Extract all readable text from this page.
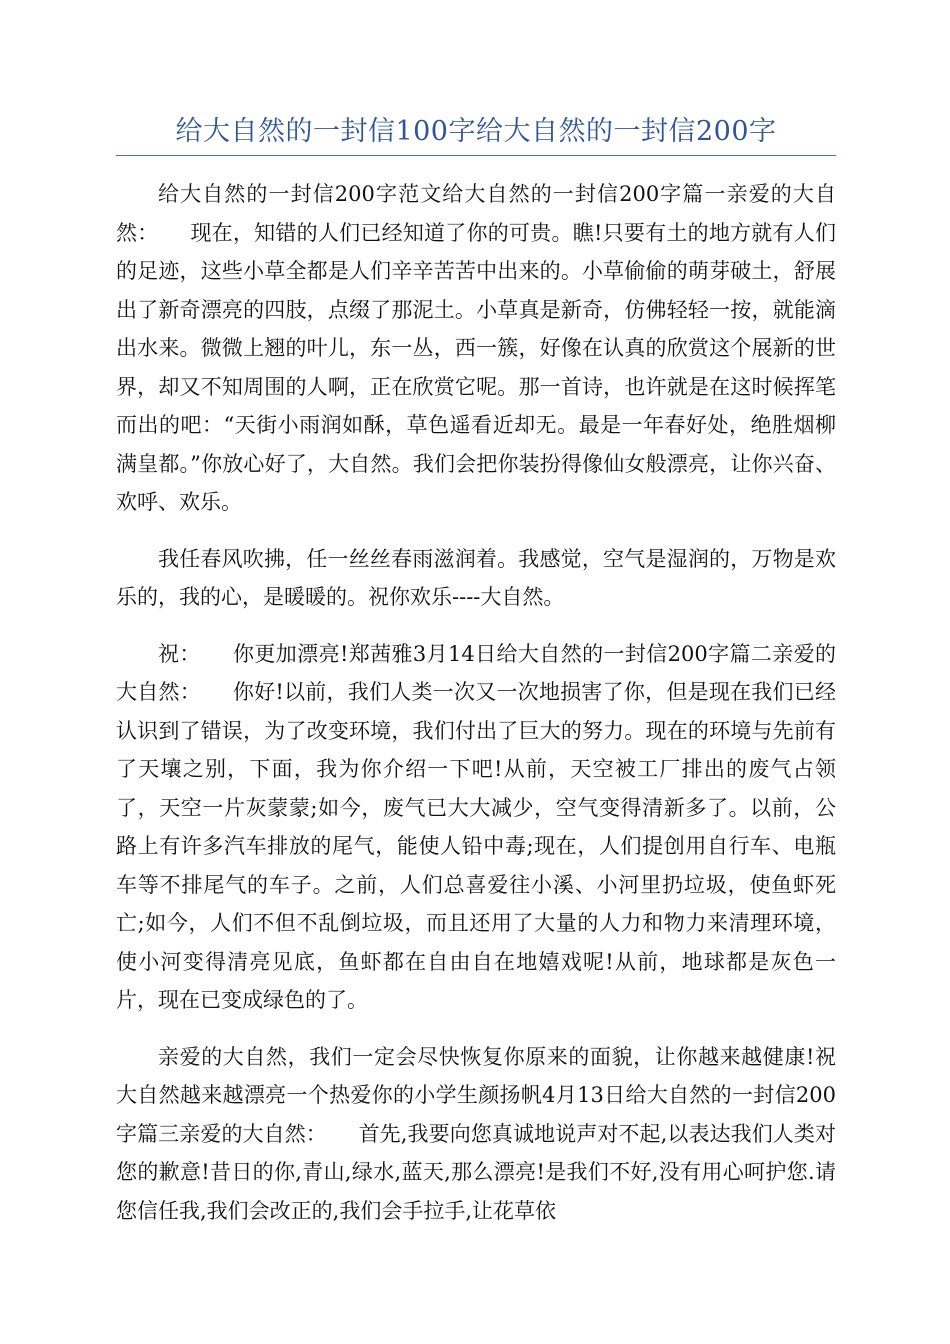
给大自然的一封信100字给大自然的一封信200字

给大自然的一封信200字范文给大自然的一封信200字篇一亲爱的大自然：　　现在，知错的人们已经知道了你的可贵。瞧!只要有土的地方就有人们的足迹，这些小草全都是人们辛辛苦苦中出来的。小草偷偷的萌芽破土，舒展出了新奇漂亮的四肢，点缀了那泥土。小草真是新奇，仿佛轻轻一按，就能滴出水来。微微上翘的叶儿，东一丛，西一簇，好像在认真的欣赏这个展新的世界，却又不知周围的人啊，正在欣赏它呢。那一首诗，也许就是在这时候挥笔而出的吧：“天街小雨润如酥，草色遥看近却无。最是一年春好处，绝胜烟柳满皇都。”你放心好了，大自然。我们会把你装扮得像仙女般漂亮，让你兴奋、欢呼、欢乐。

我任春风吹拂，任一丝丝春雨滋润着。我感觉，空气是湿润的，万物是欢乐的，我的心，是暖暖的。祝你欢乐----大自然。

祝：　　你更加漂亮!郑茜雅3月14日给大自然的一封信200字篇二亲爱的大自然：　　你好!以前，我们人类一次又一次地损害了你，但是现在我们已经认识到了错误，为了改变环境，我们付出了巨大的努力。现在的环境与先前有了天壤之别，下面，我为你介绍一下吧!从前，天空被工厂排出的废气占领了，天空一片灰蒙蒙;如今，废气已大大减少，空气变得清新多了。以前，公路上有许多汽车排放的尾气，能使人铅中毒;现在，人们提创用自行车、电瓶车等不排尾气的车子。之前，人们总喜爱往小溪、小河里扔垃圾，使鱼虾死亡;如今，人们不但不乱倒垃圾，而且还用了大量的人力和物力来清理环境，使小河变得清亮见底，鱼虾都在自由自在地嬉戏呢!从前，地球都是灰色一片，现在已变成绿色的了。

亲爱的大自然，我们一定会尽快恢复你原来的面貌，让你越来越健康!祝大自然越来越漂亮一个热爱你的小学生颜扬帆4月13日给大自然的一封信200字篇三亲爱的大自然：　　首先,我要向您真诚地说声对不起,以表达我们人类对您的歉意!昔日的你,青山,绿水,蓝天,那么漂亮!是我们不好,没有用心呵护您.请您信任我,我们会改正的,我们会手拉手,让花草依
